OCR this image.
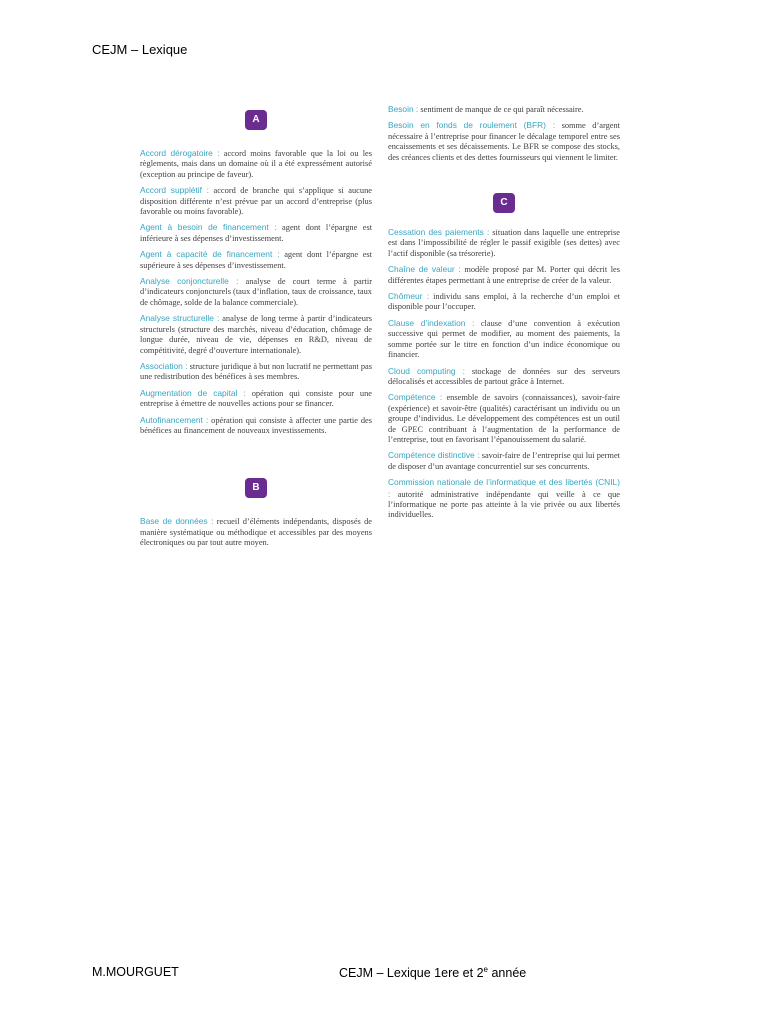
CEJM – Lexique
A
Accord dérogatoire : accord moins favorable que la loi ou les règlements, mais dans un domaine où il a été expressément autorisé (exception au principe de faveur).
Accord supplétif : accord de branche qui s’applique si aucune disposition différente n’est prévue par un accord d’entreprise (plus favorable ou moins favorable).
Agent à besoin de financement : agent dont l’épargne est inférieure à ses dépenses d’investissement.
Agent à capacité de financement : agent dont l’épargne est supérieure à ses dépenses d’investissement.
Analyse conjoncturelle : analyse de court terme à partir d’indicateurs conjoncturels (taux d’inflation, taux de croissance, taux de chômage, solde de la balance commerciale).
Analyse structurelle : analyse de long terme à partir d’indicateurs structurels (structure des marchés, niveau d’éducation, chômage de longue durée, niveau de vie, dépenses en R&D, niveau de compétitivité, degré d’ouverture internationale).
Association : structure juridique à but non lucratif ne permettant pas une redistribution des bénéfices à ses membres.
Augmentation de capital : opération qui consiste pour une entreprise à émettre de nouvelles actions pour se financer.
Autofinancement : opération qui consiste à affecter une partie des bénéfices au financement de nouveaux investissements.
B
Base de données : recueil d’éléments indépendants, disposés de manière systématique ou méthodique et accessibles par des moyens électroniques ou par tout autre moyen.
Besoin : sentiment de manque de ce qui paraît nécessaire.
Besoin en fonds de roulement (BFR) : somme d’argent nécessaire à l’entreprise pour financer le décalage temporel entre ses encaissements et ses décaissements. Le BFR se compose des stocks, des créances clients et des dettes fournisseurs qui viennent le limiter.
C
Cessation des paiements : situation dans laquelle une entreprise est dans l’impossibilité de régler le passif exigible (ses dettes) avec l’actif disponible (sa trésorerie).
Chaîne de valeur : modèle proposé par M. Porter qui décrit les différentes étapes permettant à une entreprise de créer de la valeur.
Chômeur : individu sans emploi, à la recherche d’un emploi et disponible pour l’occuper.
Clause d’indexation : clause d’une convention à exécution successive qui permet de modifier, au moment des paiements, la somme portée sur le titre en fonction d’un indice économique ou financier.
Cloud computing : stockage de données sur des serveurs délocalisés et accessibles de partout grâce à Internet.
Compétence : ensemble de savoirs (connaissances), savoir-faire (expérience) et savoir-être (qualités) caractérisant un individu ou un groupe d’individus. Le développement des compétences est un outil de GPEC contribuant à l’augmentation de la performance de l’entreprise, tout en favorisant l’épanouissement du salarié.
Compétence distinctive : savoir-faire de l’entreprise qui lui permet de disposer d’un avantage concurrentiel sur ses concurrents.
Commission nationale de l’informatique et des libertés (CNIL) : autorité administrative indépendante qui veille à ce que l’informatique ne porte pas atteinte à la vie privée ou aux libertés individuelles.
M.MOURGUET	CEJM – Lexique 1ere et 2e année
